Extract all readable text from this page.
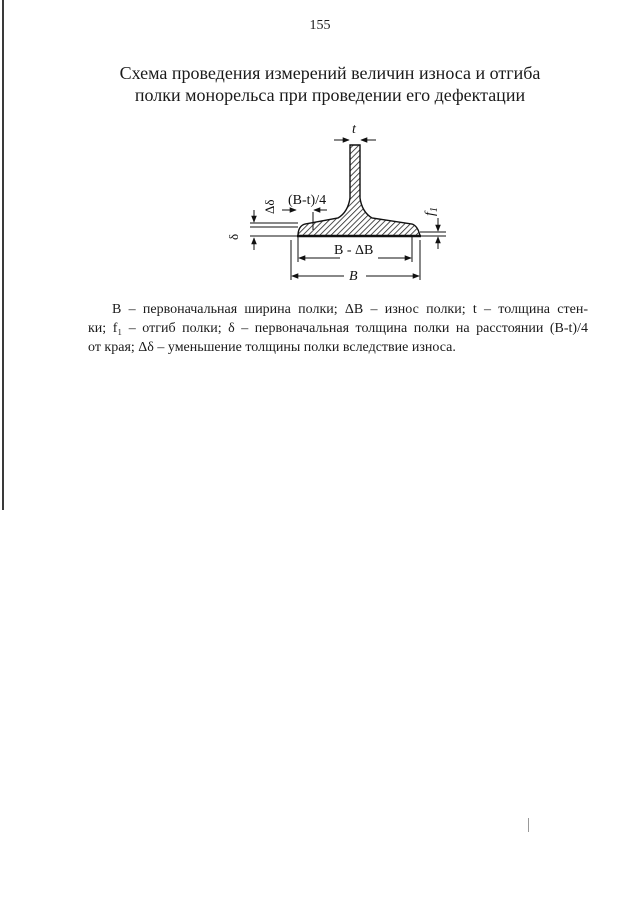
155
Схема проведения измерений величин износа и отгиба
полки монорельса при проведении его дефектации
t
(B-t)/4
Δδ
δ
$f_1$
B - ΔB
B
B – первоначальная ширина полки; ΔB – износ полки; t – толщина стен-
ки; f₁ – отгиб полки; δ – первоначальная толщина полки на расстоянии (B-t)/4
от края; Δδ – уменьшение толщины полки вследствие износа.
